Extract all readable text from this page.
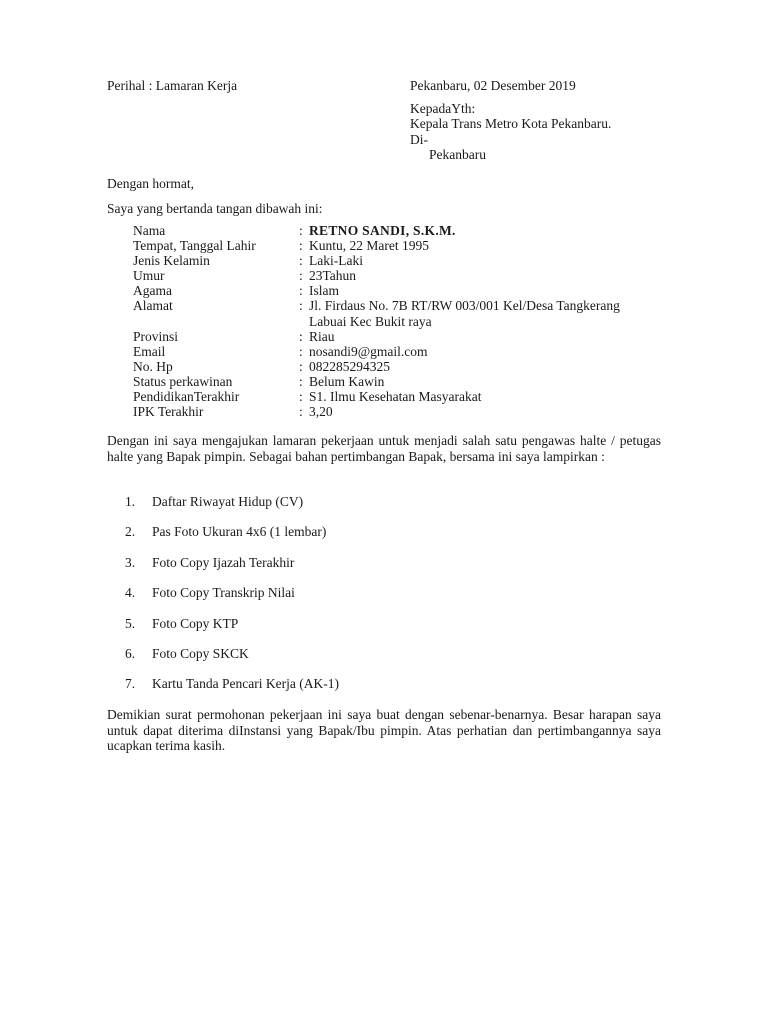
Perihal : Lamaran Kerja	Pekanbaru, 02 Desember 2019
KepadaYth:
Kepala Trans Metro Kota Pekanbaru.
Di-
Pekanbaru
Dengan hormat,
Saya yang bertanda tangan dibawah ini:
Nama	: RETNO SANDI, S.K.M.
Tempat, Tanggal Lahir	: Kuntu, 22 Maret 1995
Jenis Kelamin	: Laki-Laki
Umur	: 23Tahun
Agama	: Islam
Alamat	: Jl. Firdaus No. 7B RT/RW 003/001 Kel/Desa Tangkerang
Labuai Kec Bukit raya
Provinsi	: Riau
Email	: nosandi9@gmail.com
No. Hp	: 082285294325
Status perkawinan	: Belum Kawin
PendidikanTerakhir	: S1. Ilmu Kesehatan Masyarakat
IPK Terakhir	: 3,20
Dengan ini saya mengajukan lamaran pekerjaan untuk menjadi salah satu pengawas halte / petugas halte yang Bapak pimpin. Sebagai bahan pertimbangan Bapak, bersama ini saya lampirkan :
1.	Daftar Riwayat Hidup (CV)
2.	Pas Foto Ukuran 4x6 (1 lembar)
3.	Foto Copy Ijazah Terakhir
4.	Foto Copy Transkrip Nilai
5.	Foto Copy KTP
6.	Foto Copy SKCK
7.	Kartu Tanda Pencari Kerja (AK-1)
Demikian surat permohonan pekerjaan ini saya buat dengan sebenar-benarnya. Besar harapan saya untuk dapat diterima diInstansi yang Bapak/Ibu pimpin. Atas perhatian dan pertimbangannya saya ucapkan terima kasih.
